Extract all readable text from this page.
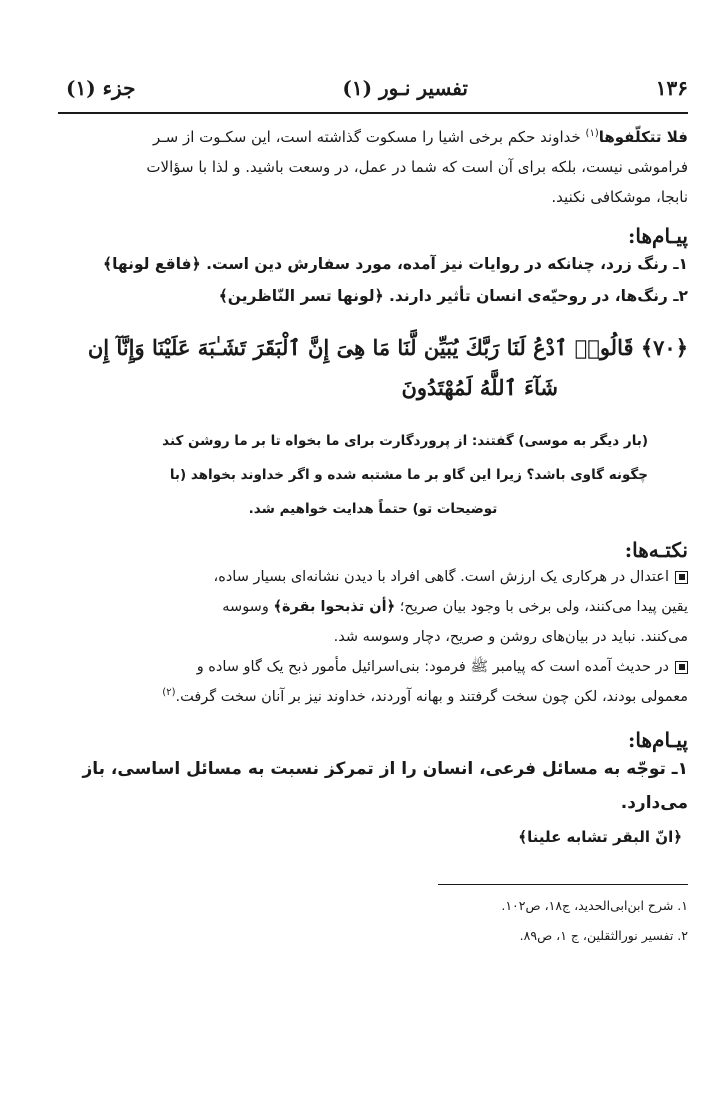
۱۳۶
تفسیر نـور (۱)
جزء (۱)
فلا تتکلّفوها$^{(۱)}$ خداوند حکم برخی اشیا را مسکوت گذاشته است، این سکـوت از سـر
فراموشی نیست، بلکه برای آن است که شما در عمل، در وسعت باشید. و لذا با سؤالات
نابجا، موشکافی نکنید.
پیـام‌ها:
۱ـ رنگ زرد، چنانکه در روایات نیز آمده، مورد سفارش دین است. ﴿فاقع لونها﴾
۲ـ رنگ‌ها، در روحیّه‌ی انسان تأثیر دارند. ﴿لونها تسر النّاظرین﴾
﴿۷۰﴾ قَالُوا۟ ٱدْعُ لَنَا رَبَّكَ يُبَيِّن لَّنَا مَا هِىَ إِنَّ ٱلْبَقَرَ تَشَـٰبَهَ عَلَيْنَا وَإِنَّآ إِن
شَآءَ ٱللَّهُ لَمُهْتَدُونَ
(بار دیگر به موسی) گفتند: از پروردگارت برای ما بخواه تا بر ما روشن کند
چگونه گاوی باشد؟ زیرا این گاو بر ما مشتبه شده و اگر خداوند بخواهد (با
توضیحات تو) حتماً هدایت خواهیم شد.
نکتـه‌ها:
اعتدال در هرکاری یک ارزش است. گاهی افراد با دیدن نشانه‌ای بسیار ساده،
یقین پیدا می‌کنند، ولی برخی با وجود بیان صریح؛ ﴿أن تذبحوا بقرة﴾ وسوسه
می‌کنند. نباید در بیان‌های روشن و صریح، دچار وسوسه شد.
در حدیث آمده است که پیامبر ﷺ فرمود: بنی‌اسرائیل مأمور ذبح یک گاو ساده و
معمولی بودند، لکن چون سخت گرفتند و بهانه آوردند، خداوند نیز بر آنان سخت گرفت.$^{(۲)}$
پیـام‌ها:
۱ـ توجّه به مسائل فرعی، انسان را از تمرکز نسبت به مسائل اساسی، باز می‌دارد.
﴿انّ البقر تشابه علینا﴾
۱. شرح ابن‌ابی‌الحدید، ج۱۸، ص۱۰۲.
۲. تفسیر نورالثقلین، ج ۱، ص۸۹.
